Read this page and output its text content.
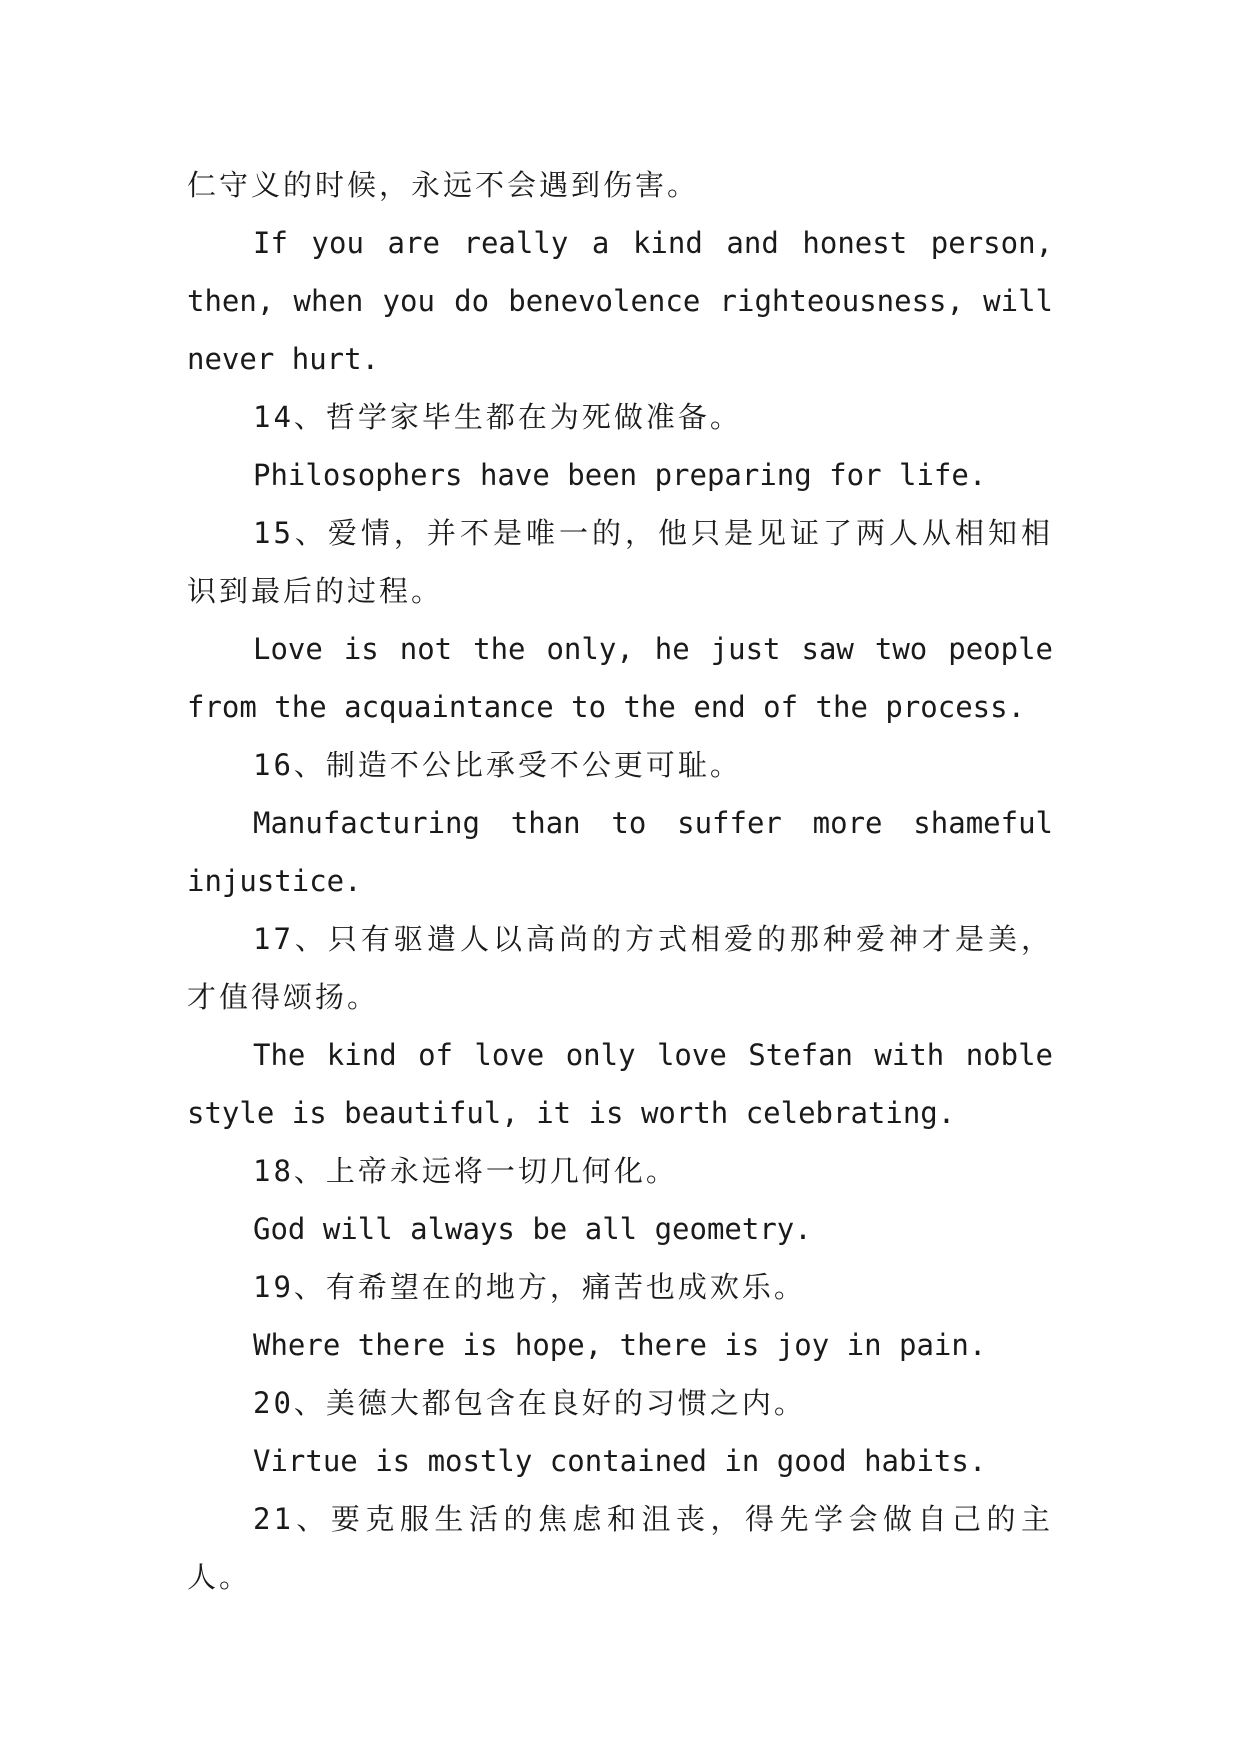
仁守义的时候，永远不会遇到伤害。

If you are really a kind and honest person, then, when you do benevolence righteousness, will never hurt.

14、哲学家毕生都在为死做准备。

Philosophers have been preparing for life.

15、爱情，并不是唯一的，他只是见证了两人从相知相识到最后的过程。

Love is not the only, he just saw two people from the acquaintance to the end of the process.

16、制造不公比承受不公更可耻。

Manufacturing than to suffer more shameful injustice.

17、只有驱遣人以高尚的方式相爱的那种爱神才是美，才值得颂扬。

The kind of love only love Stefan with noble style is beautiful, it is worth celebrating.

18、上帝永远将一切几何化。

God will always be all geometry.

19、有希望在的地方，痛苦也成欢乐。

Where there is hope, there is joy in pain.

20、美德大都包含在良好的习惯之内。

Virtue is mostly contained in good habits.

21、要克服生活的焦虑和沮丧，得先学会做自己的主人。
